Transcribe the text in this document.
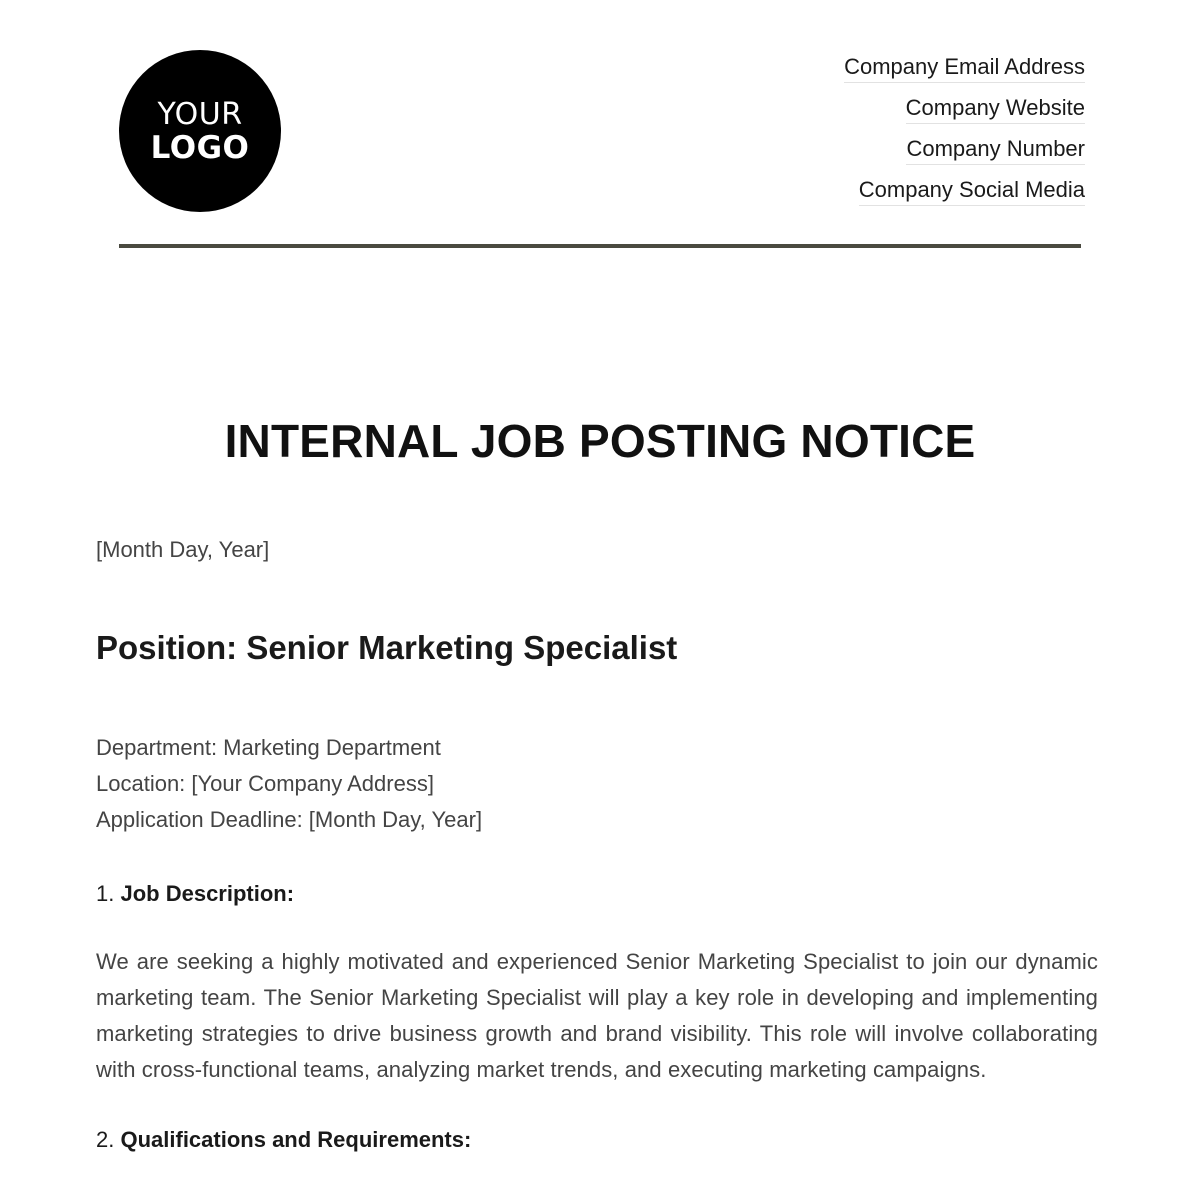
YOUR
LOGO
Company Email Address
Company Website
Company Number
Company Social Media
INTERNAL JOB POSTING NOTICE

[Month Day, Year]

Position: Senior Marketing Specialist
Department: Marketing Department
Location: [Your Company Address]
Application Deadline: [Month Day, Year]

1. Job Description:

We are seeking a highly motivated and experienced Senior Marketing Specialist to join our dynamic marketing team. The Senior Marketing Specialist will play a key role in developing and implementing marketing strategies to drive business growth and brand visibility. This role will involve collaborating with cross-functional teams, analyzing market trends, and executing marketing campaigns.

2. Qualifications and Requirements:
